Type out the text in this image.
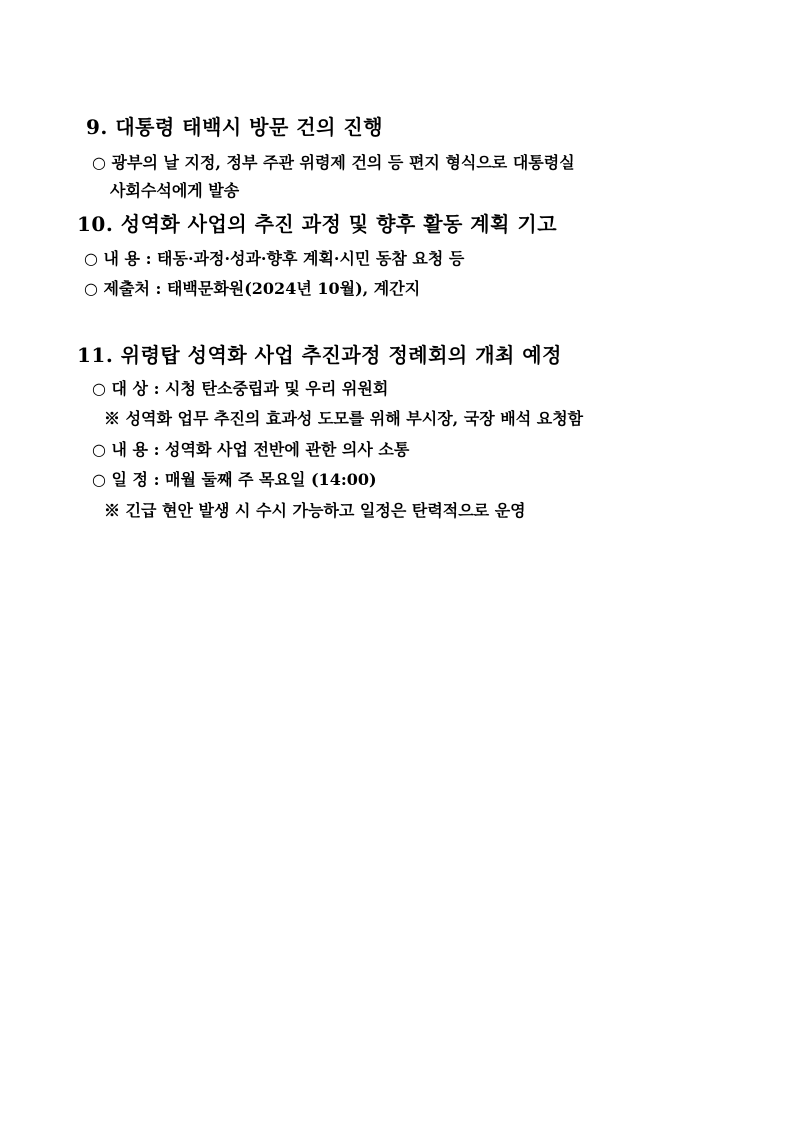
9. 대통령 태백시 방문 건의 진행
○ 광부의 날 지정, 정부 주관 위령제 건의 등 편지 형식으로 대통령실
사회수석에게 발송
10. 성역화 사업의 추진 과정 및 향후 활동 계획 기고
○ 내 용 : 태동·과정·성과·향후 계획·시민 동참 요청 등
○ 제출처 : 태백문화원(2024년 10월), 계간지
11. 위령탑 성역화 사업 추진과정 정례회의 개최 예정
○ 대 상 : 시청 탄소중립과 및 우리 위원회
※ 성역화 업무 추진의 효과성 도모를 위해 부시장, 국장 배석 요청함
○ 내 용 : 성역화 사업 전반에 관한 의사 소통
○ 일 정 : 매월 둘째 주 목요일 (14:00)
※ 긴급 현안 발생 시 수시 가능하고 일정은 탄력적으로 운영
